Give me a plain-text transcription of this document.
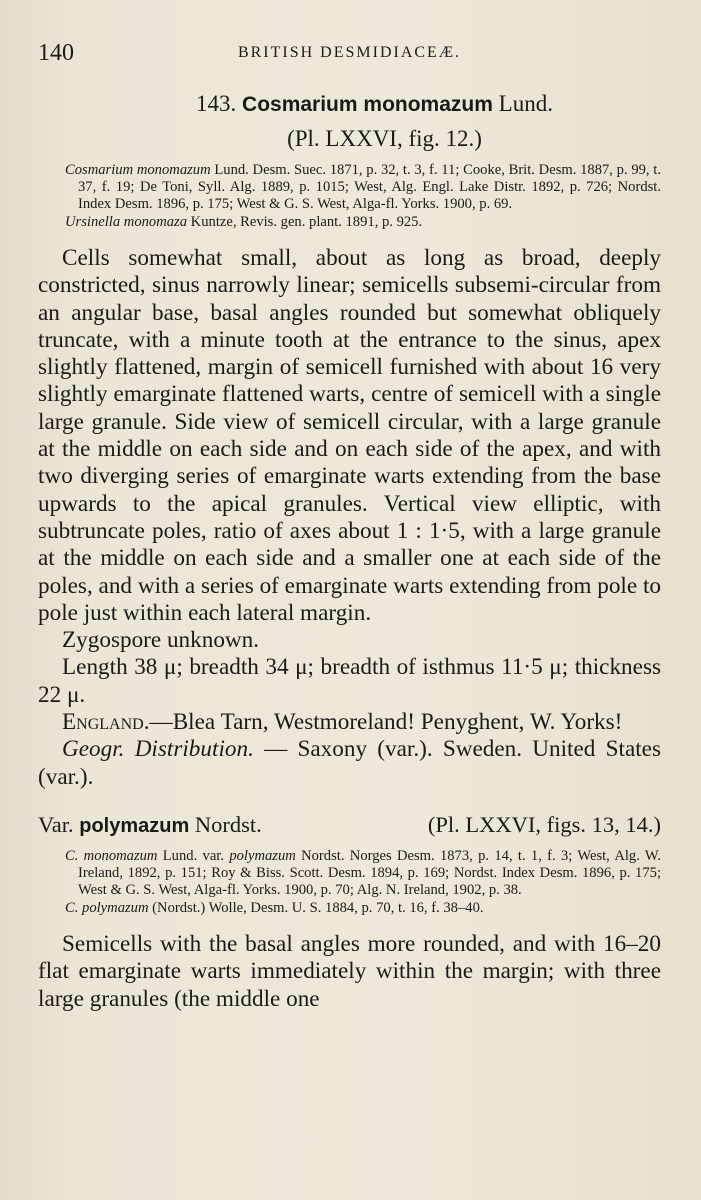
140	BRITISH DESMIDIACEÆ.
143. Cosmarium monomazum Lund.
(Pl. LXXVI, fig. 12.)
Cosmarium monomazum Lund. Desm. Suec. 1871, p. 32, t. 3, f. 11; Cooke, Brit. Desm. 1887, p. 99, t. 37, f. 19; De Toni, Syll. Alg. 1889, p. 1015; West, Alg. Engl. Lake Distr. 1892, p. 726; Nordst. Index Desm. 1896, p. 175; West & G. S. West, Alga-fl. Yorks. 1900, p. 69.
Ursinella monomaza Kuntze, Revis. gen. plant. 1891, p. 925.

Cells somewhat small, about as long as broad, deeply constricted, sinus narrowly linear; semicells subsemi-circular from an angular base, basal angles rounded but somewhat obliquely truncate, with a minute tooth at the entrance to the sinus, apex slightly flattened, margin of semicell furnished with about 16 very slightly emarginate flattened warts, centre of semicell with a single large granule. Side view of semicell circular, with a large granule at the middle on each side and on each side of the apex, and with two diverging series of emarginate warts extending from the base upwards to the apical granules. Vertical view elliptic, with subtruncate poles, ratio of axes about 1 : 1·5, with a large granule at the middle on each side and a smaller one at each side of the poles, and with a series of emarginate warts extending from pole to pole just within each lateral margin.

Zygospore unknown.

Length 38 μ; breadth 34 μ; breadth of isthmus 11·5 μ; thickness 22 μ.

England.—Blea Tarn, Westmoreland! Penyghent, W. Yorks!

Geogr. Distribution. — Saxony (var.). Sweden. United States (var.).

Var. polymazum Nordst.	(Pl. LXXVI, figs. 13, 14.)
C. monomazum Lund. var. polymazum Nordst. Norges Desm. 1873, p. 14, t. 1, f. 3; West, Alg. W. Ireland, 1892, p. 151; Roy & Biss. Scott. Desm. 1894, p. 169; Nordst. Index Desm. 1896, p. 175; West & G. S. West, Alga-fl. Yorks. 1900, p. 70; Alg. N. Ireland, 1902, p. 38.
C. polymazum (Nordst.) Wolle, Desm. U. S. 1884, p. 70, t. 16, f. 38–40.

Semicells with the basal angles more rounded, and with 16–20 flat emarginate warts immediately within the margin; with three large granules (the middle one
